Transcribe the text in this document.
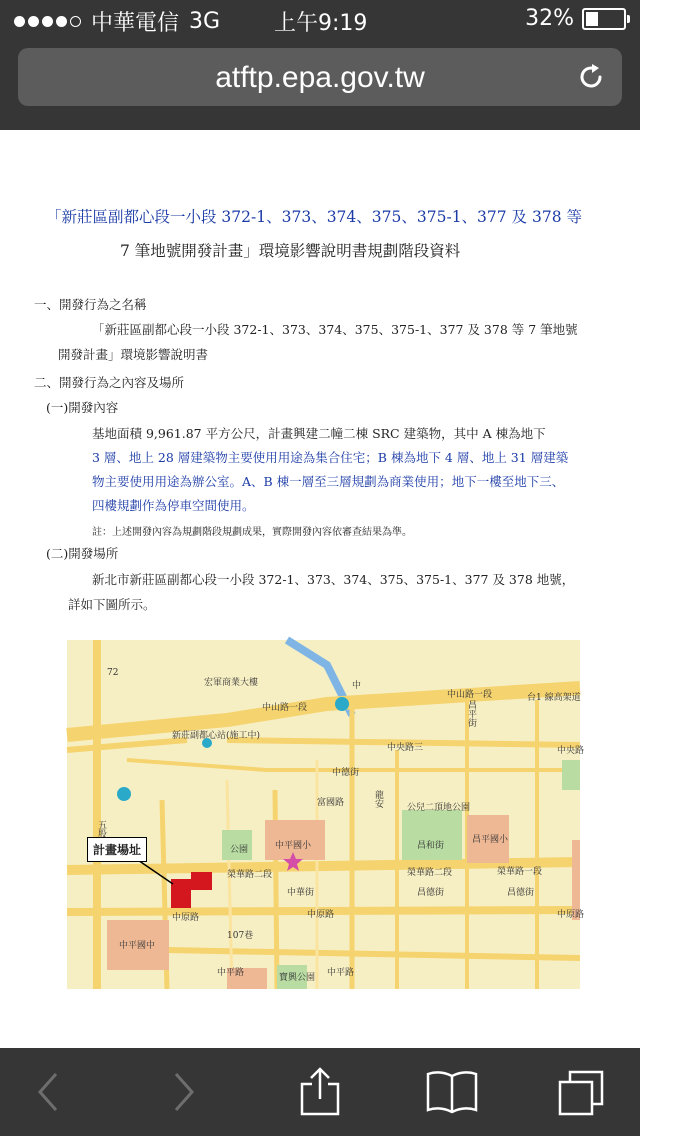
中華電信 3G 上午9:19	32%
atftp.epa.gov.tw
「新莊區副都心段一小段 372-1、373、374、375、375-1、377 及 378 等
7 筆地號開發計畫」環境影響說明書規劃階段資料
一、開發行為之名稱
「新莊區副都心段一小段 372-1、373、374、375、375-1、377 及 378 等 7 筆地號
開發計畫」環境影響說明書
二、開發行為之內容及場所
(一)開發內容
基地面積 9,961.87 平方公尺，計畫興建二幢二棟 SRC 建築物，其中 A 棟為地下
3 層、地上 28 層建築物主要使用用途為集合住宅；B 棟為地下 4 層、地上 31 層建築
物主要使用用途為辦公室。A、B 棟一層至三層規劃為商業使用；地下一樓至地下三、
四樓規劃作為停車空間使用。
註：上述開發內容為規劃階段規劃成果，實際開發內容依審查結果為準。
(二)開發場所
新北市新莊區副都心段一小段 372-1、373、374、375、375-1、377 及 378 地號，
詳如下圖所示。
計畫場址
宏軍商業大樓
中山路一段	台1 線高架道
中山路一段
新莊副都心站(施工中)
中央路三	中央路
中德街
富國路	公兒二頂地公園
昌和街
公園	中平國小
昌平國小
榮華路二段	榮華路二段	榮華路一段
中華街	昌德街	昌德街
中原路	中原路	中原路
中平國中
中平路	中平路
寶興公園
107巷
72
五股
中
昌平街
龍安
